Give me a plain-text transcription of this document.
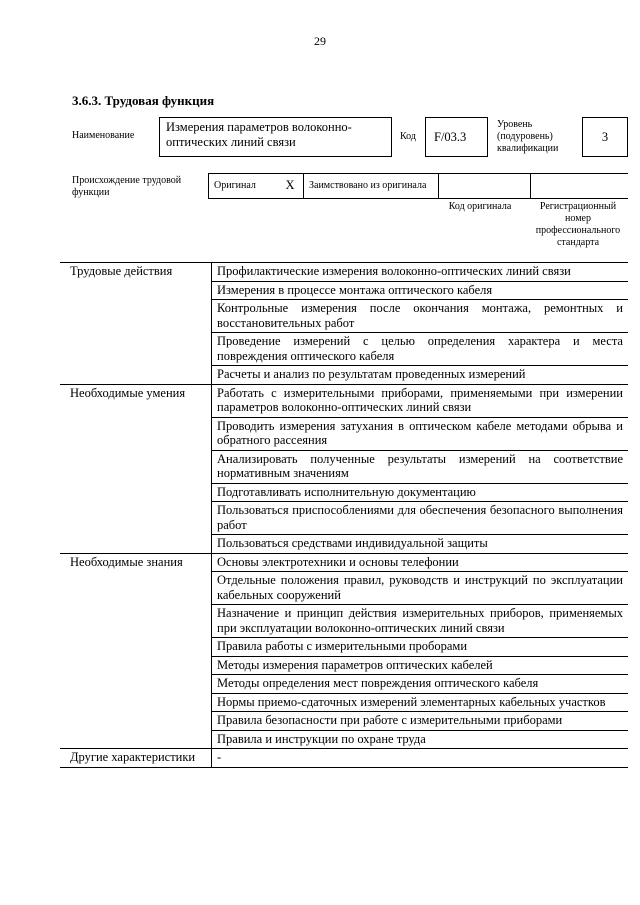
29
3.6.3. Трудовая функция
Наименование
Измерения параметров волоконно-оптических линий связи	Код	F/03.3
Уровень (подуровень) квалификации
3
Происхождение трудовой функции
Оригинал	X	Заимствовано из оригинала
Код оригинала	Регистрационный номер профессионального стандарта
Трудовые действия	Профилактические измерения волоконно-оптических линий связи
	Измерения в процессе монтажа оптического кабеля
	Контрольные измерения после окончания монтажа, ремонтных и восстановительных работ
	Проведение измерений с целью определения характера и места повреждения оптического кабеля
	Расчеты и анализ по результатам проведенных измерений
Необходимые умения	Работать с измерительными приборами, применяемыми при измерении параметров волоконно-оптических линий связи
	Проводить измерения затухания в оптическом кабеле методами обрыва и обратного рассеяния
	Анализировать полученные результаты измерений на соответствие нормативным значениям
	Подготавливать исполнительную документацию
	Пользоваться приспособлениями для обеспечения безопасного выполнения работ
	Пользоваться средствами индивидуальной защиты
Необходимые знания	Основы электротехники и основы телефонии
	Отдельные положения правил, руководств и инструкций по эксплуатации кабельных сооружений
	Назначение и принцип действия измерительных приборов, применяемых при эксплуатации волоконно-оптических линий связи
	Правила работы с измерительными проборами
	Методы измерения параметров оптических кабелей
	Методы определения мест повреждения оптического кабеля
	Нормы приемо-сдаточных измерений элементарных кабельных участков
	Правила безопасности при работе с измерительными приборами
	Правила и инструкции по охране труда
Другие характеристики	-
